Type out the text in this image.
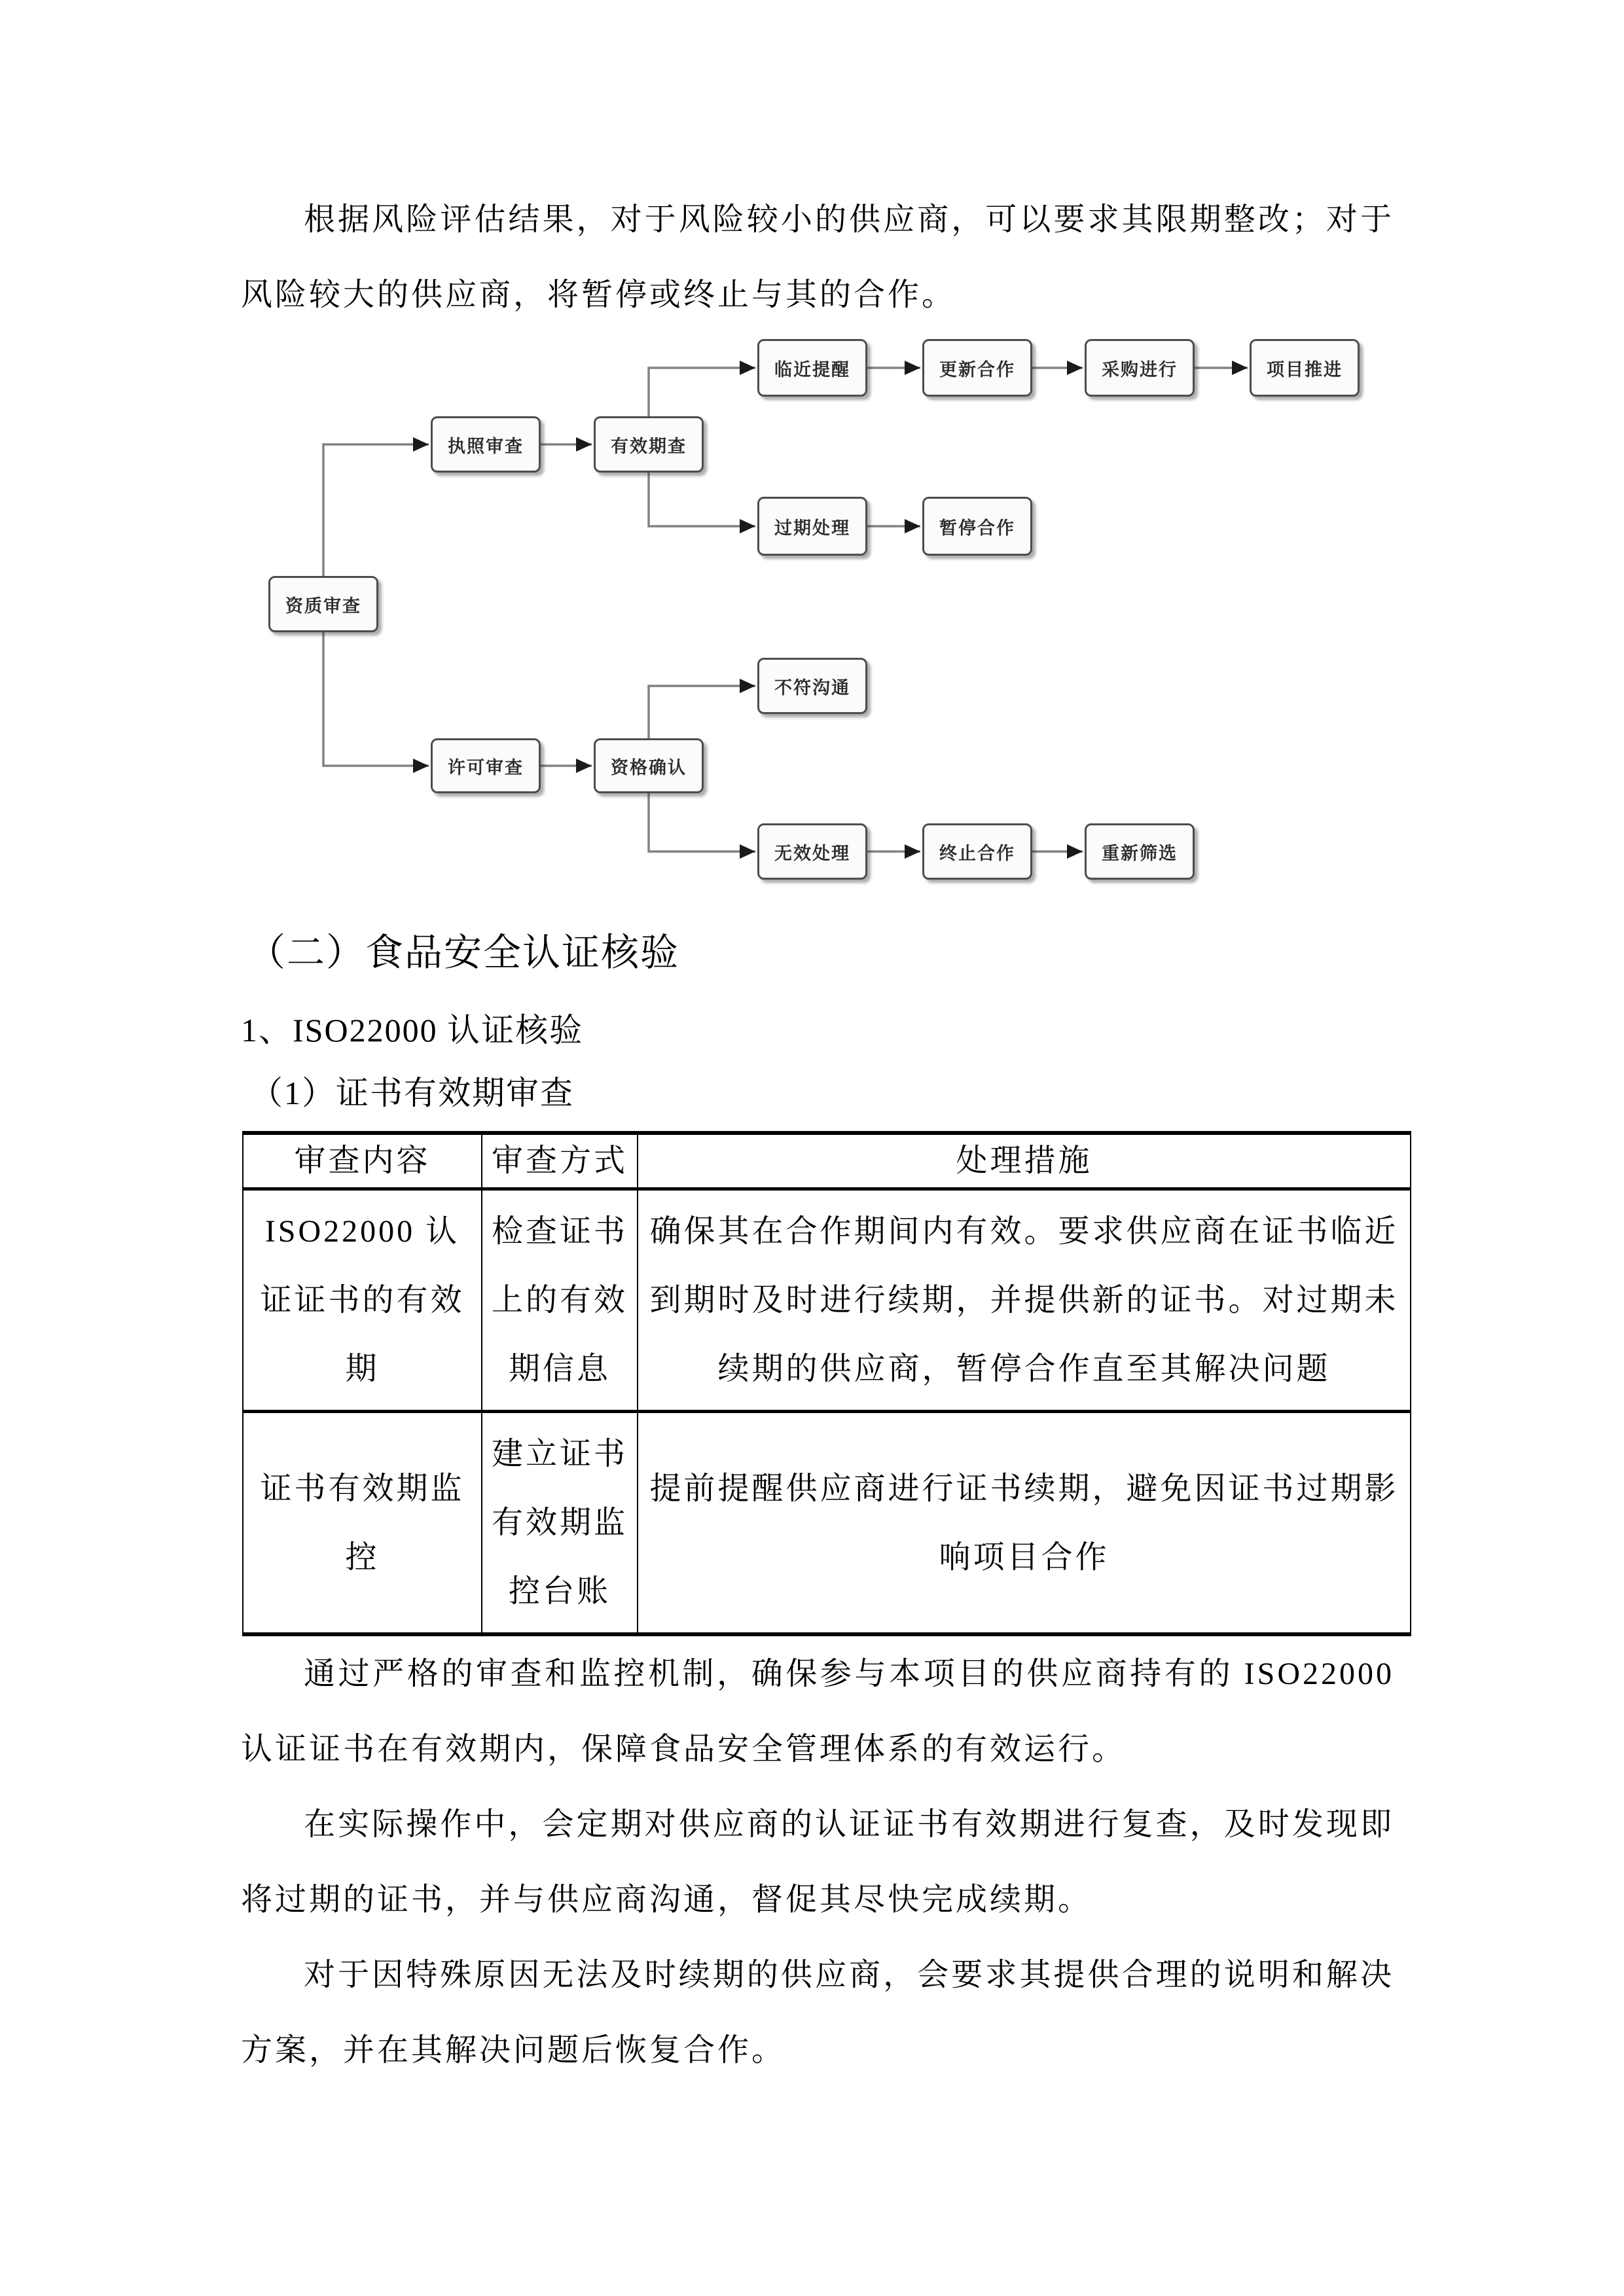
根据风险评估结果，对于风险较小的供应商，可以要求其限期整改；对于风险较大的供应商，将暂停或终止与其的合作。

资质审查
执照审查	有效期查
许可审查	资格确认
临近提醒	更新合作	采购进行	项目推进
过期处理	暂停合作
不符沟通
无效处理	终止合作	重新筛选
（二）食品安全认证核验
1、ISO22000 认证核验
（1）证书有效期审查
审查内容	审查方式	处理措施
ISO22000 认证证书的有效期	检查证书上的有效期信息	确保其在合作期间内有效。要求供应商在证书临近到期时及时进行续期，并提供新的证书。对过期未续期的供应商，暂停合作直至其解决问题
证书有效期监控	建立证书有效期监控台账	提前提醒供应商进行证书续期，避免因证书过期影响项目合作

通过严格的审查和监控机制，确保参与本项目的供应商持有的 ISO22000 认证证书在有效期内，保障食品安全管理体系的有效运行。

在实际操作中，会定期对供应商的认证证书有效期进行复查，及时发现即将过期的证书，并与供应商沟通，督促其尽快完成续期。

对于因特殊原因无法及时续期的供应商，会要求其提供合理的说明和解决方案，并在其解决问题后恢复合作。
